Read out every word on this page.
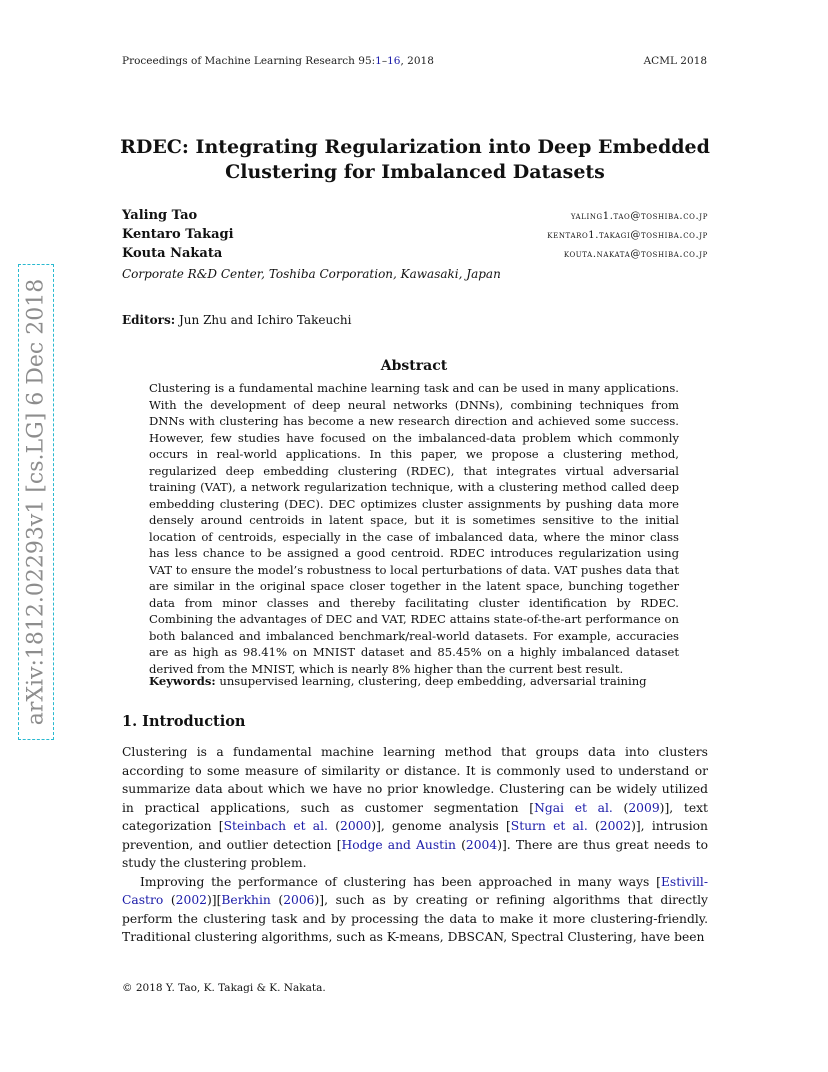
Proceedings of Machine Learning Research 95:1–16, 2018	ACML 2018
RDEC: Integrating Regularization into Deep Embedded
Clustering for Imbalanced Datasets
Yaling Tao	yaling1.tao@toshiba.co.jp
Kentaro Takagi	kentaro1.takagi@toshiba.co.jp
Kouta Nakata	kouta.nakata@toshiba.co.jp
Corporate R&D Center, Toshiba Corporation, Kawasaki, Japan
Editors: Jun Zhu and Ichiro Takeuchi
Abstract
Clustering is a fundamental machine learning task and can be used in many applications. With the development of deep neural networks (DNNs), combining techniques from DNNs with clustering has become a new research direction and achieved some success. However, few studies have focused on the imbalanced-data problem which commonly occurs in real-world applications. In this paper, we propose a clustering method, regularized deep embedding clustering (RDEC), that integrates virtual adversarial training (VAT), a network regularization technique, with a clustering method called deep embedding clustering (DEC). DEC optimizes cluster assignments by pushing data more densely around centroids in latent space, but it is sometimes sensitive to the initial location of centroids, especially in the case of imbalanced data, where the minor class has less chance to be assigned a good centroid. RDEC introduces regularization using VAT to ensure the model’s robustness to local perturbations of data. VAT pushes data that are similar in the original space closer together in the latent space, bunching together data from minor classes and thereby facilitating cluster identification by RDEC. Combining the advantages of DEC and VAT, RDEC attains state-of-the-art performance on both balanced and imbalanced benchmark/real-world datasets. For example, accuracies are as high as 98.41% on MNIST dataset and 85.45% on a highly imbalanced dataset derived from the MNIST, which is nearly 8% higher than the current best result.
Keywords: unsupervised learning, clustering, deep embedding, adversarial training
1. Introduction

Clustering is a fundamental machine learning method that groups data into clusters according to some measure of similarity or distance. It is commonly used to understand or summarize data about which we have no prior knowledge. Clustering can be widely utilized in practical applications, such as customer segmentation [Ngai et al. (2009)], text categorization [Steinbach et al. (2000)], genome analysis [Sturn et al. (2002)], intrusion prevention, and outlier detection [Hodge and Austin (2004)]. There are thus great needs to study the clustering problem.

Improving the performance of clustering has been approached in many ways [Estivill-Castro (2002)][Berkhin (2006)], such as by creating or refining algorithms that directly perform the clustering task and by processing the data to make it more clustering-friendly. Traditional clustering algorithms, such as K-means, DBSCAN, Spectral Clustering, have been

© 2018 Y. Tao, K. Takagi & K. Nakata.
arXiv:1812.02293v1 [cs.LG] 6 Dec 2018
